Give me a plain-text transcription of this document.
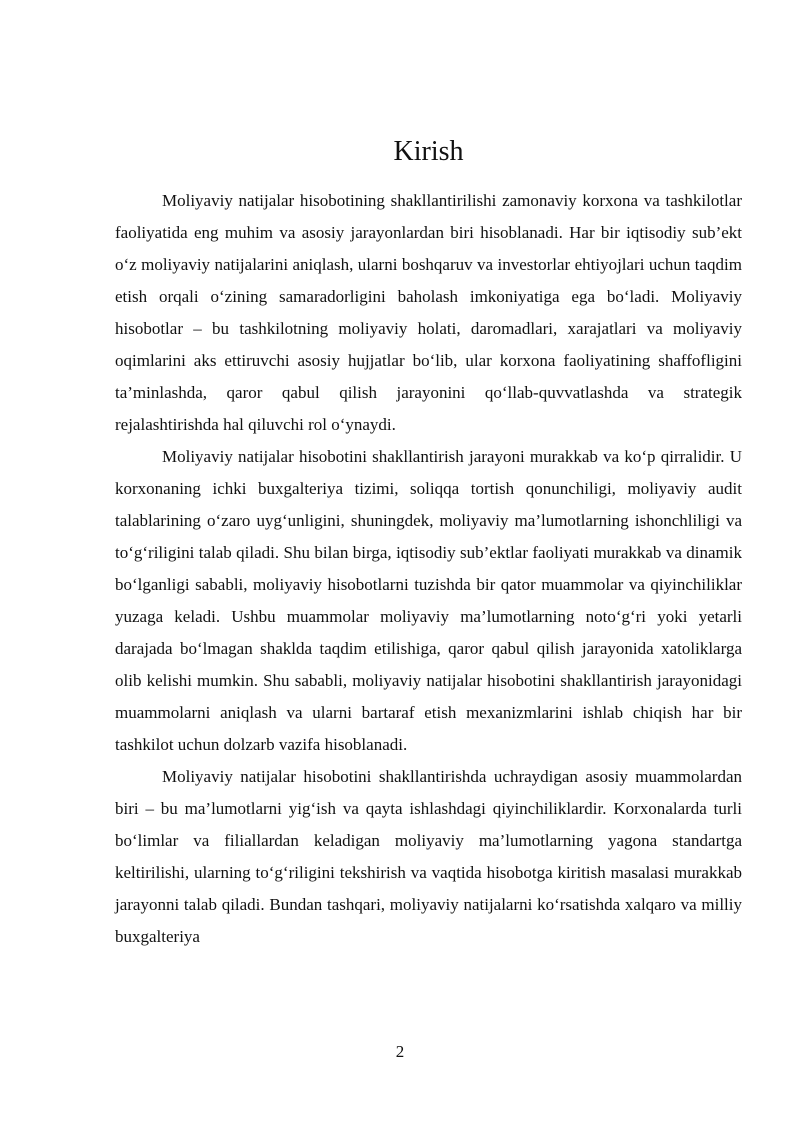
Kirish

Moliyaviy natijalar hisobotining shakllantirilishi zamonaviy korxona va tashkilotlar faoliyatida eng muhim va asosiy jarayonlardan biri hisoblanadi. Har bir iqtisodiy sub’ekt o‘z moliyaviy natijalarini aniqlash, ularni boshqaruv va investorlar ehtiyojlari uchun taqdim etish orqali o‘zining samaradorligini baholash imkoniyatiga ega bo‘ladi. Moliyaviy hisobotlar – bu tashkilotning moliyaviy holati, daromadlari, xarajatlari va moliyaviy oqimlarini aks ettiruvchi asosiy hujjatlar bo‘lib, ular korxona faoliyatining shaffofligini ta’minlashda, qaror qabul qilish jarayonini qo‘llab-quvvatlashda va strategik rejalashtirishda hal qiluvchi rol o‘ynaydi.

Moliyaviy natijalar hisobotini shakllantirish jarayoni murakkab va ko‘p qirralidir. U korxonaning ichki buxgalteriya tizimi, soliqqa tortish qonunchiligi, moliyaviy audit talablarining o‘zaro uyg‘unligini, shuningdek, moliyaviy ma’lumotlarning ishonchliligi va to‘g‘riligini talab qiladi. Shu bilan birga, iqtisodiy sub’ektlar faoliyati murakkab va dinamik bo‘lganligi sababli, moliyaviy hisobotlarni tuzishda bir qator muammolar va qiyinchiliklar yuzaga keladi. Ushbu muammolar moliyaviy ma’lumotlarning noto‘g‘ri yoki yetarli darajada bo‘lmagan shaklda taqdim etilishiga, qaror qabul qilish jarayonida xatoliklarga olib kelishi mumkin. Shu sababli, moliyaviy natijalar hisobotini shakllantirish jarayonidagi muammolarni aniqlash va ularni bartaraf etish mexanizmlarini ishlab chiqish har bir tashkilot uchun dolzarb vazifa hisoblanadi.

Moliyaviy natijalar hisobotini shakllantirishda uchraydigan asosiy muammolardan biri – bu ma’lumotlarni yig‘ish va qayta ishlashdagi qiyinchiliklardir. Korxonalarda turli bo‘limlar va filiallardan keladigan moliyaviy ma’lumotlarning yagona standartga keltirilishi, ularning to‘g‘riligini tekshirish va vaqtida hisobotga kiritish masalasi murakkab jarayonni talab qiladi. Bundan tashqari, moliyaviy natijalarni ko‘rsatishda xalqaro va milliy buxgalteriya

2
